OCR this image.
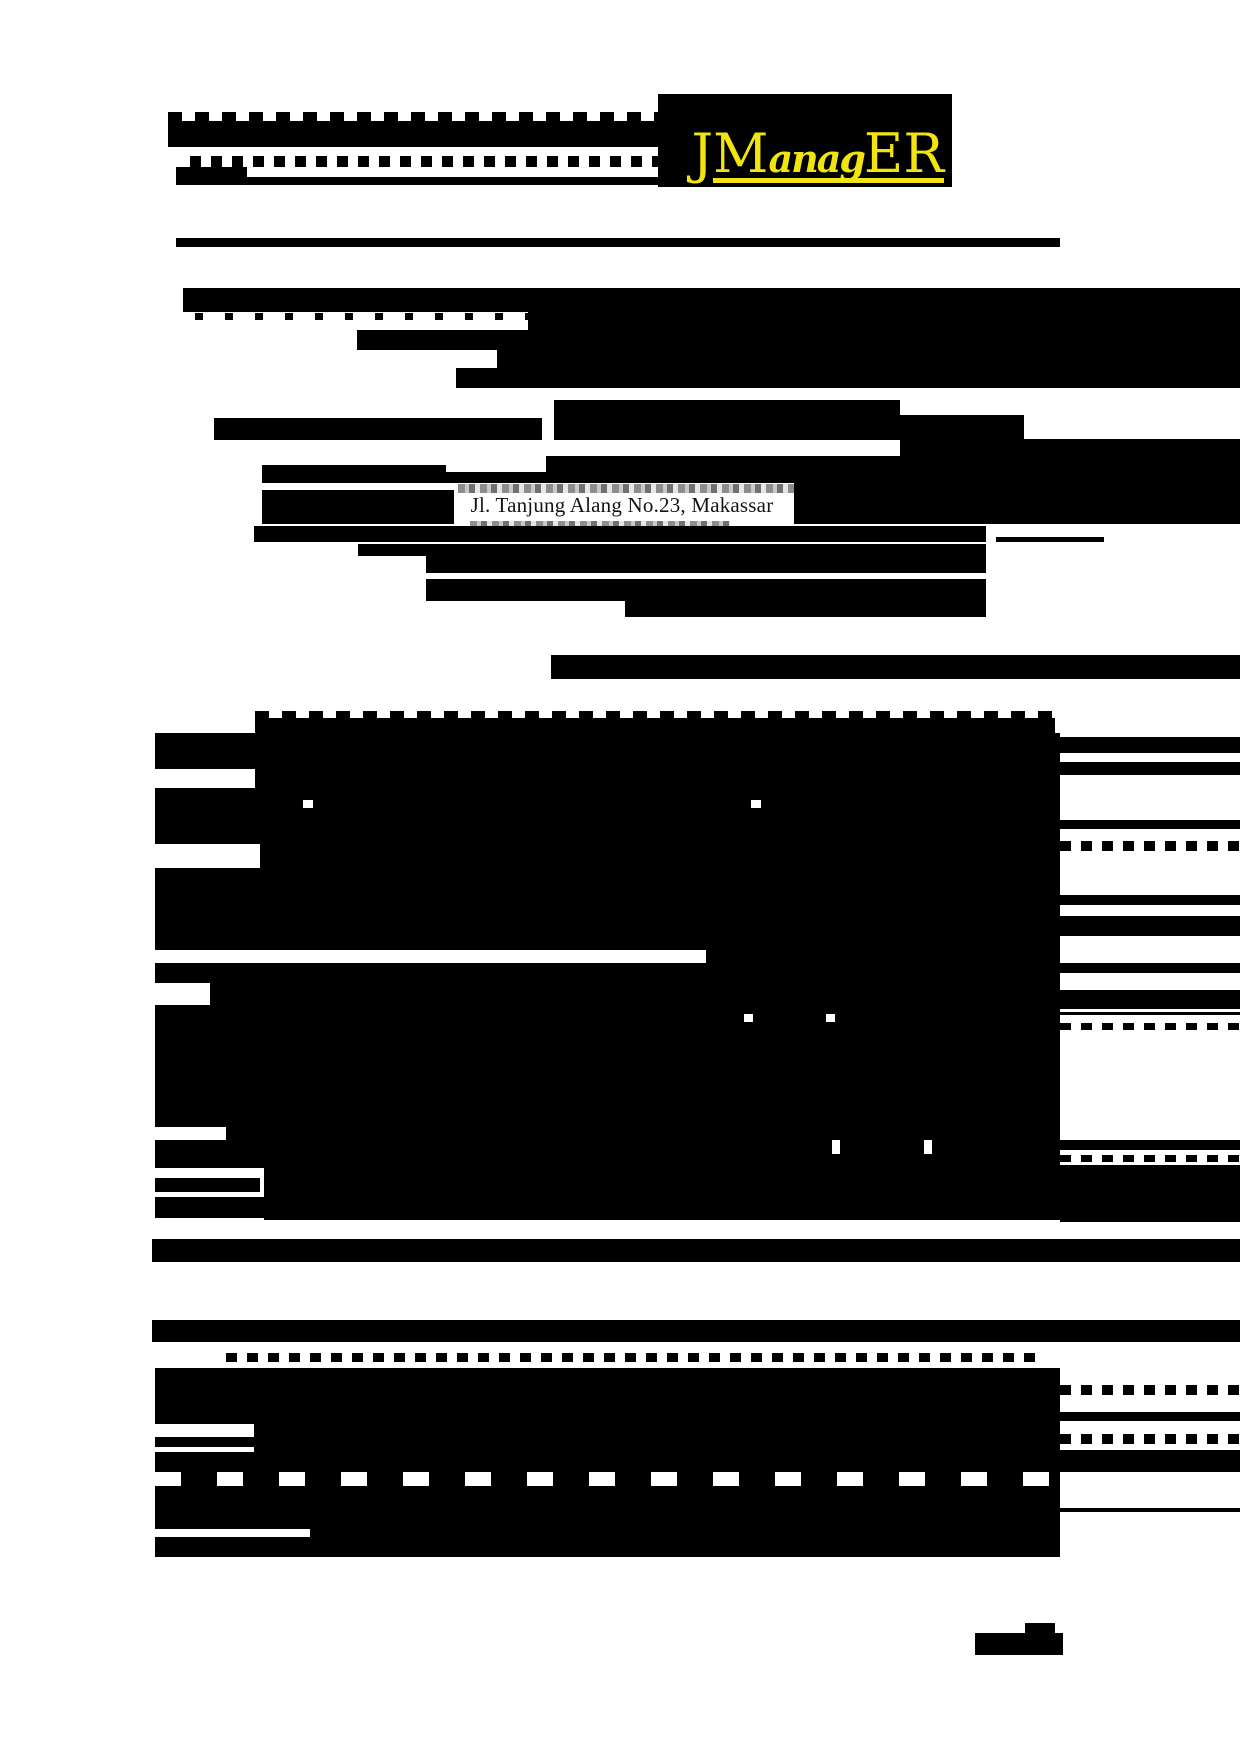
JManagER
Jl. Tanjung Alang No.23, Makassar
